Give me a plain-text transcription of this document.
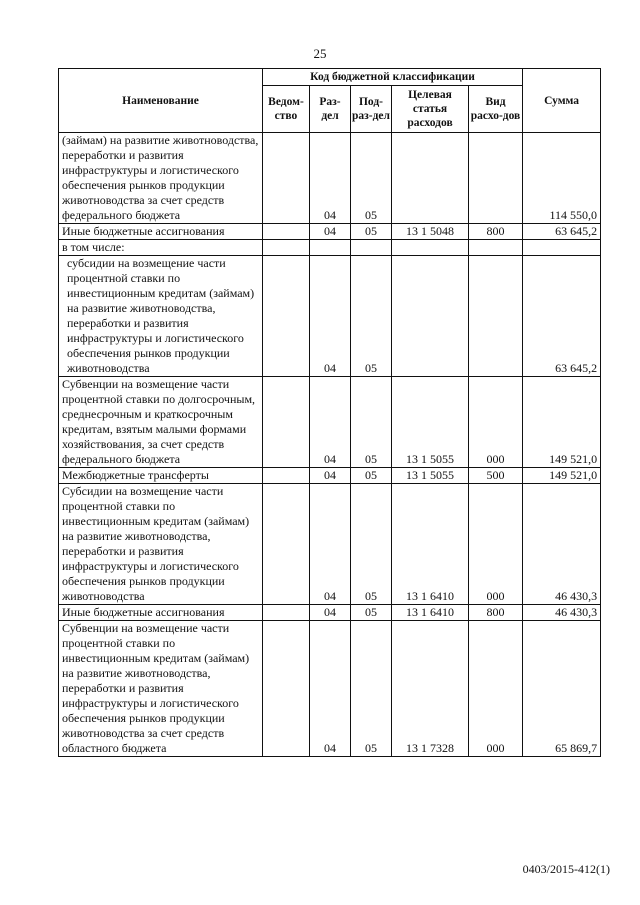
25
Наименование	Код бюджетной классификации					Сумма
	Ведом-ство	Раз-дел	Под-раз-дел	Целевая статья расходов	Вид расхо-дов	
(займам) на развитие животноводства, переработки и развития инфраструктуры и логистического обеспечения рынков продукции животноводства за счет средств федерального бюджета		04	05			114 550,0
Иные бюджетные ассигнования		04	05	13 1 5048	800	63 645,2
в том числе:						
субсидии на возмещение части процентной ставки по инвестиционным кредитам (займам) на развитие животноводства, переработки и развития инфраструктуры и логистического обеспечения рынков продукции животноводства		04	05			63 645,2
Субвенции на возмещение части процентной ставки по долгосрочным, среднесрочным и краткосрочным кредитам, взятым малыми формами хозяйствования, за счет средств федерального бюджета		04	05	13 1 5055	000	149 521,0
Межбюджетные трансферты		04	05	13 1 5055	500	149 521,0
Субсидии на возмещение части процентной ставки по инвестиционным кредитам (займам) на развитие животноводства, переработки и развития инфраструктуры и логистического обеспечения рынков продукции животноводства		04	05	13 1 6410	000	46 430,3
Иные бюджетные ассигнования		04	05	13 1 6410	800	46 430,3
Субвенции на возмещение части процентной ставки по инвестиционным кредитам (займам) на развитие животноводства, переработки и развития инфраструктуры и логистического обеспечения рынков продукции животноводства за счет средств областного бюджета		04	05	13 1 7328	000	65 869,7
0403/2015-412(1)
